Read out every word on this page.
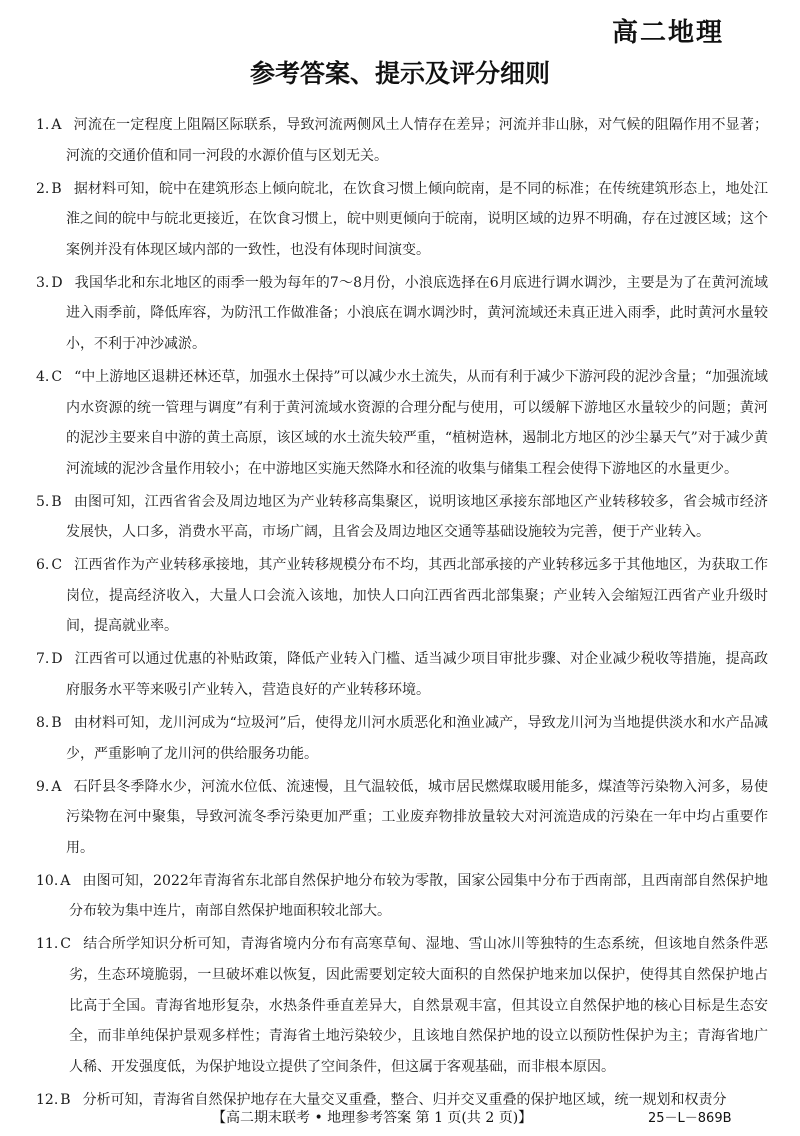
高二地理
参考答案、提示及评分细则

1. A 河流在一定程度上阻隔区际联系，导致河流两侧风土人情存在差异；河流并非山脉，对气候的阻隔作用不显著；河流的交通价值和同一河段的水源价值与区划无关。

2. B 据材料可知，皖中在建筑形态上倾向皖北，在饮食习惯上倾向皖南，是不同的标准；在传统建筑形态上，地处江淮之间的皖中与皖北更接近，在饮食习惯上，皖中则更倾向于皖南，说明区域的边界不明确，存在过渡区域；这个案例并没有体现区域内部的一致性，也没有体现时间演变。

3. D 我国华北和东北地区的雨季一般为每年的7～8月份，小浪底选择在6月底进行调水调沙，主要是为了在黄河流域进入雨季前，降低库容，为防汛工作做准备；小浪底在调水调沙时，黄河流域还未真正进入雨季，此时黄河水量较小，不利于冲沙减淤。

4. C “中上游地区退耕还林还草，加强水土保持”可以减少水土流失，从而有利于减少下游河段的泥沙含量；“加强流域内水资源的统一管理与调度”有利于黄河流域水资源的合理分配与使用，可以缓解下游地区水量较少的问题；黄河的泥沙主要来自中游的黄土高原，该区域的水土流失较严重，“植树造林，遏制北方地区的沙尘暴天气”对于减少黄河流域的泥沙含量作用较小；在中游地区实施天然降水和径流的收集与储集工程会使得下游地区的水量更少。

5. B 由图可知，江西省省会及周边地区为产业转移高集聚区，说明该地区承接东部地区产业转移较多，省会城市经济发展快，人口多，消费水平高，市场广阔，且省会及周边地区交通等基础设施较为完善，便于产业转入。

6. C 江西省作为产业转移承接地，其产业转移规模分布不均，其西北部承接的产业转移远多于其他地区，为获取工作岗位，提高经济收入，大量人口会流入该地，加快人口向江西省西北部集聚；产业转入会缩短江西省产业升级时间，提高就业率。

7. D 江西省可以通过优惠的补贴政策，降低产业转入门槛、适当减少项目审批步骤、对企业减少税收等措施，提高政府服务水平等来吸引产业转入，营造良好的产业转移环境。

8. B 由材料可知，龙川河成为“垃圾河”后，使得龙川河水质恶化和渔业减产，导致龙川河为当地提供淡水和水产品减少，严重影响了龙川河的供给服务功能。

9. A 石阡县冬季降水少，河流水位低、流速慢，且气温较低，城市居民燃煤取暖用能多，煤渣等污染物入河多，易使污染物在河中聚集，导致河流冬季污染更加严重；工业废弃物排放量较大对河流造成的污染在一年中均占重要作用。

10. A 由图可知，2022年青海省东北部自然保护地分布较为零散，国家公园集中分布于西南部，且西南部自然保护地分布较为集中连片，南部自然保护地面积较北部大。

11. C 结合所学知识分析可知，青海省境内分布有高寒草甸、湿地、雪山冰川等独特的生态系统，但该地自然条件恶劣，生态环境脆弱，一旦破坏难以恢复，因此需要划定较大面积的自然保护地来加以保护，使得其自然保护地占比高于全国。青海省地形复杂，水热条件垂直差异大，自然景观丰富，但其设立自然保护地的核心目标是生态安全，而非单纯保护景观多样性；青海省土地污染较少，且该地自然保护地的设立以预防性保护为主；青海省地广人稀、开发强度低，为保护地设立提供了空间条件，但这属于客观基础，而非根本原因。

12. B 分析可知，青海省自然保护地存在大量交叉重叠，整合、归并交叉重叠的保护地区域，统一规划和权责分

【高二期末联考 • 地理参考答案 第 1 页(共 2 页)】	25－L－869B
